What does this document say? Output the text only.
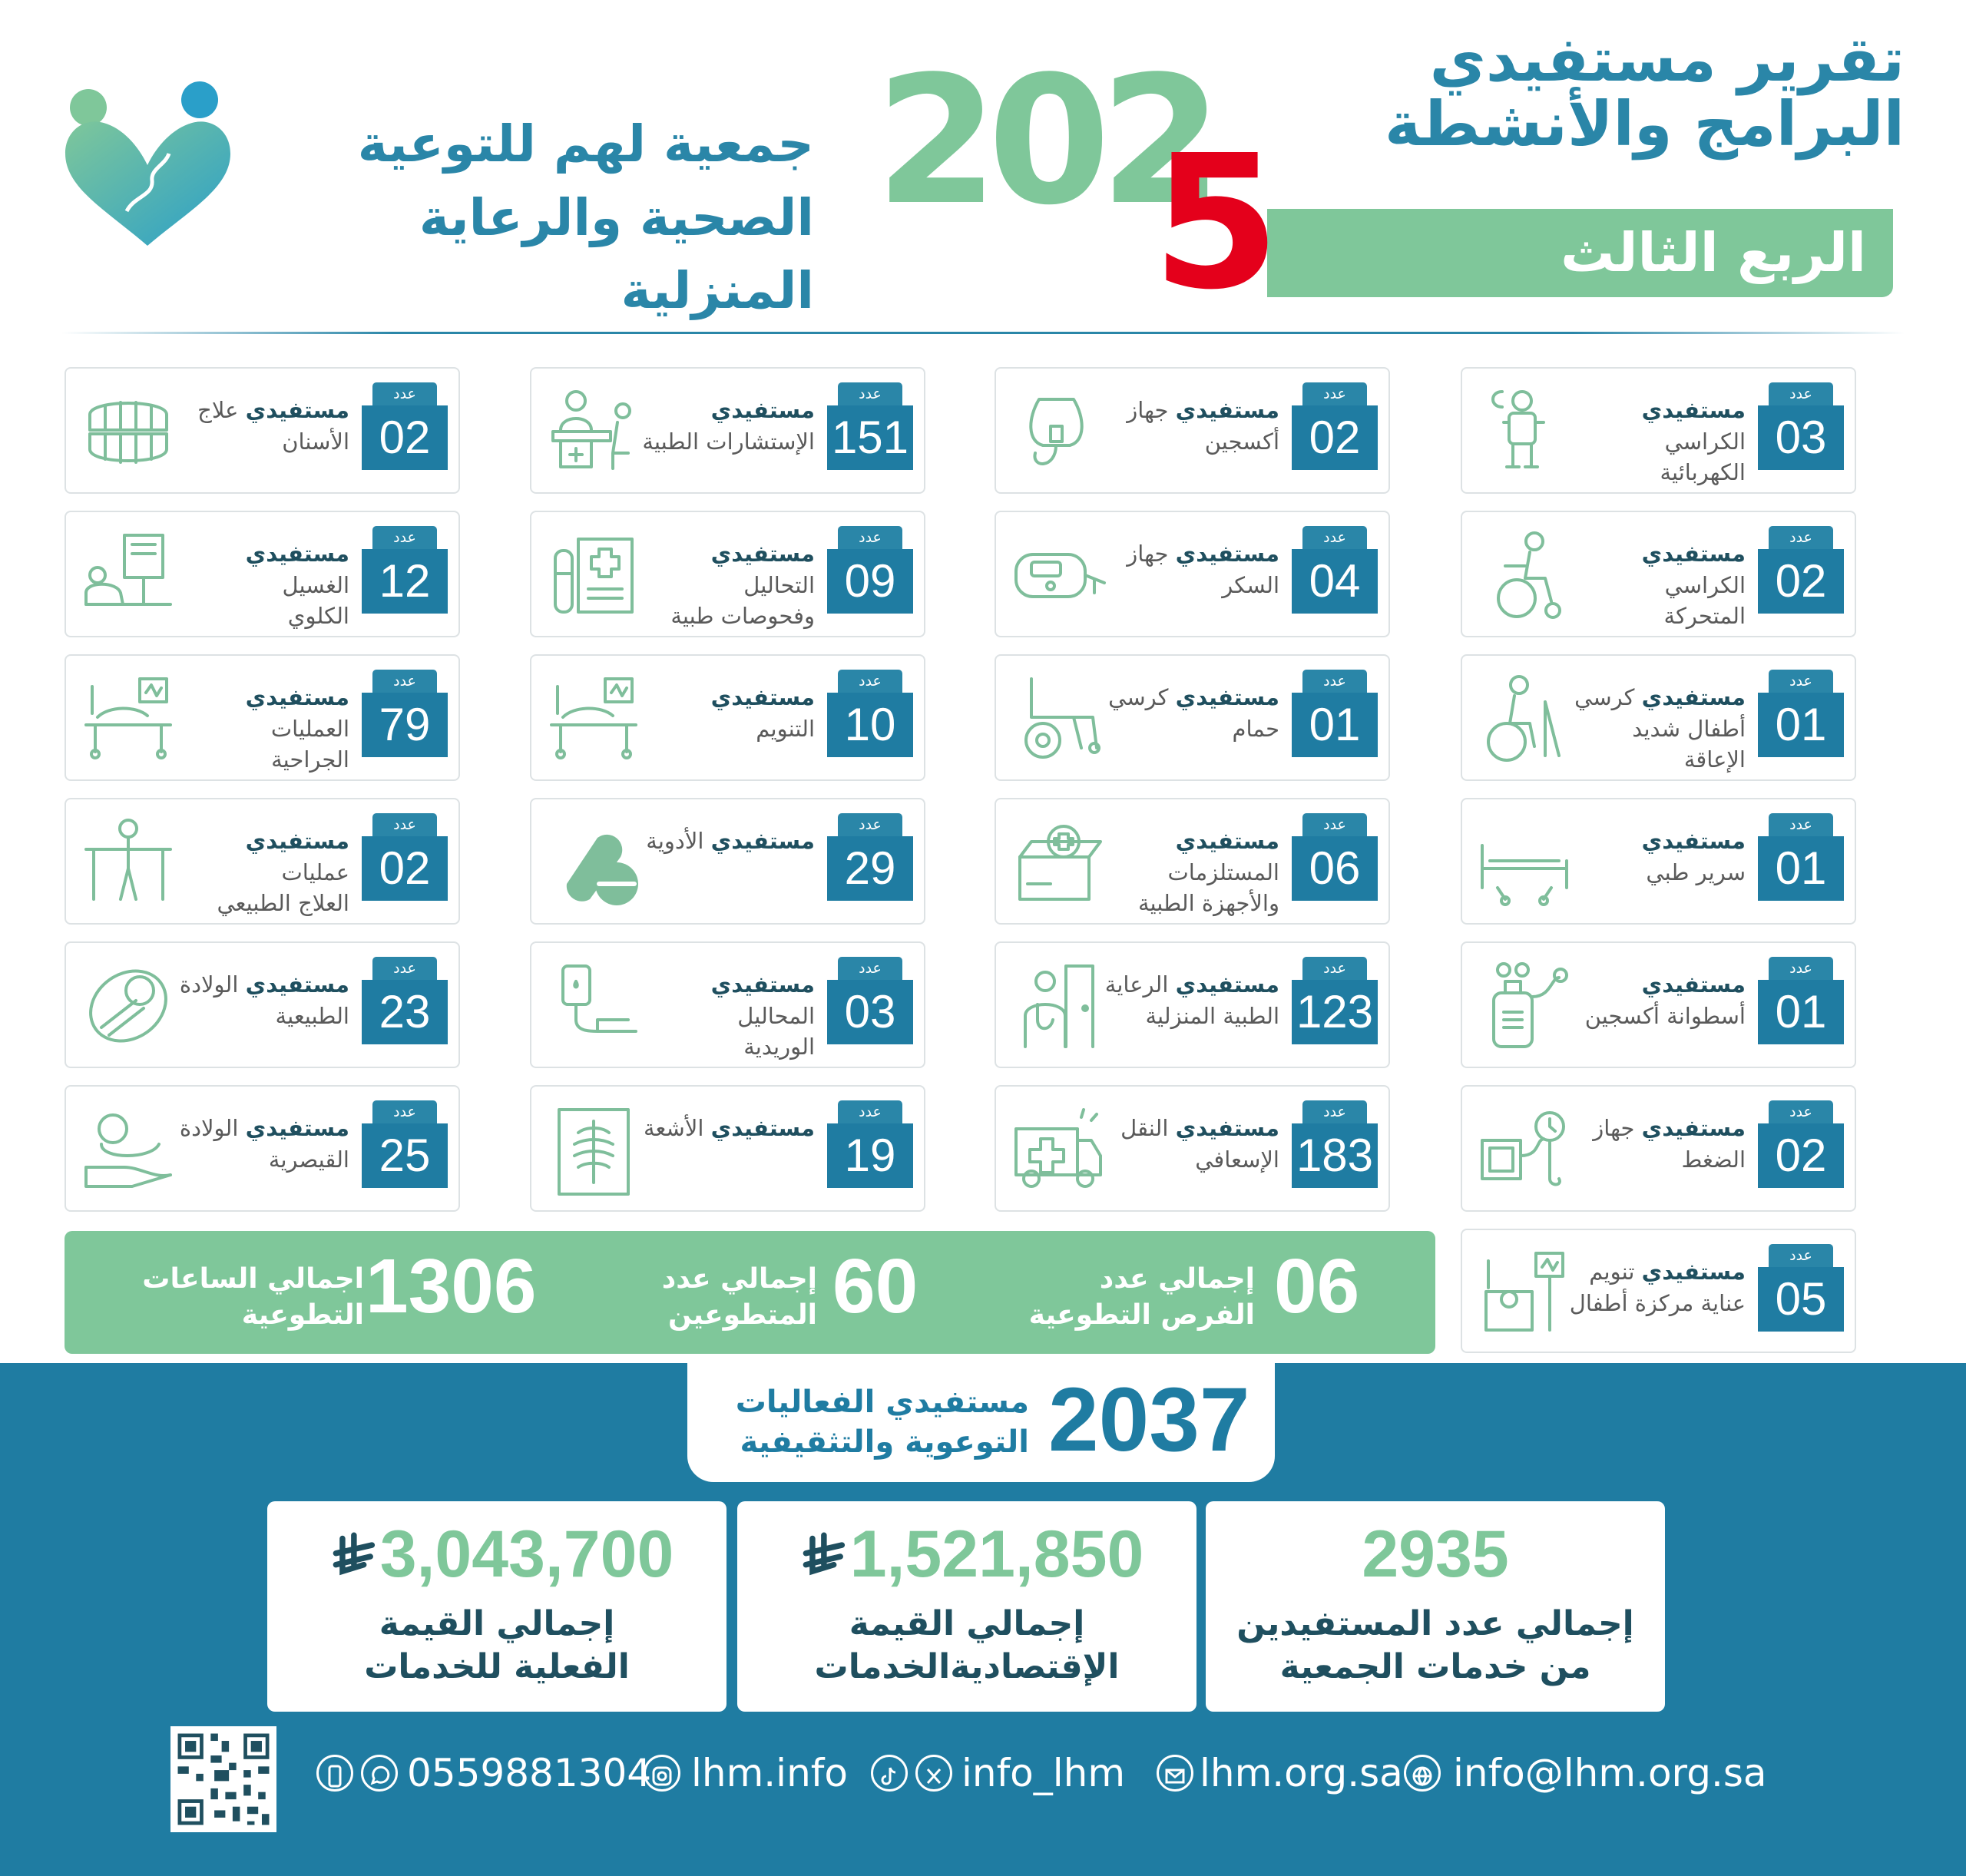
تقرير مستفيدي
البرامج والأنشطة
الربع الثالث
202
5
جمعية لهم للتوعية
الصحية والرعاية المنزلية
عدد
03
مستفيدي الكراسي
الكهربائية
عدد
02
مستفيدي جهاز
أكسجين
عدد
151
مستفيدي
الإستشارات الطبية
عدد
02
مستفيدي علاج
الأسنان
عدد
02
مستفيدي الكراسي
المتحركة
عدد
04
مستفيدي جهاز
السكر
عدد
09
مستفيدي التحاليل
وفحوصات طبية
عدد
12
مستفيدي الغسيل
الكلوي
عدد
01
مستفيدي كرسي
أطفال شديد الإعاقة
عدد
01
مستفيدي كرسي
حمام
عدد
10
مستفيدي
التنويم
عدد
79
مستفيدي العمليات
الجراحية
عدد
01
مستفيدي
سرير طبي
عدد
06
مستفيدي المستلزمات
والأجهزة الطبية
عدد
29
مستفيدي الأدوية
عدد
02
مستفيدي عمليات
العلاج الطبيعي
عدد
01
مستفيدي
أسطوانة أكسجين
عدد
123
مستفيدي الرعاية
الطبية المنزلية
عدد
03
مستفيدي المحاليل
الوريدية
عدد
23
مستفيدي الولادة
الطبيعية
عدد
02
مستفيدي جهاز
الضغط
عدد
183
مستفيدي النقل
الإسعافي
عدد
19
مستفيدي الأشعة
عدد
25
مستفيدي الولادة
القيصرية
عدد
05
مستفيدي تنويم
عناية مركزة أطفال
06
إجمالي عدد
الفرص التطوعية
60
إجمالي عدد
المتطوعين
1306
اجمالي الساعات
التطوعية
2037
مستفيدي الفعاليات
التوعوية والتثقيفية
2935
إجمالي عدد المستفيدين
من خدمات الجمعية
1,521,850
إجمالي القيمة
الإقتصاديةالخدمات
3,043,700
إجمالي القيمة
الفعلية للخدمات
0559881304 lhm.info	info_lhm lhm.org.sa info@lhm.org.sa
